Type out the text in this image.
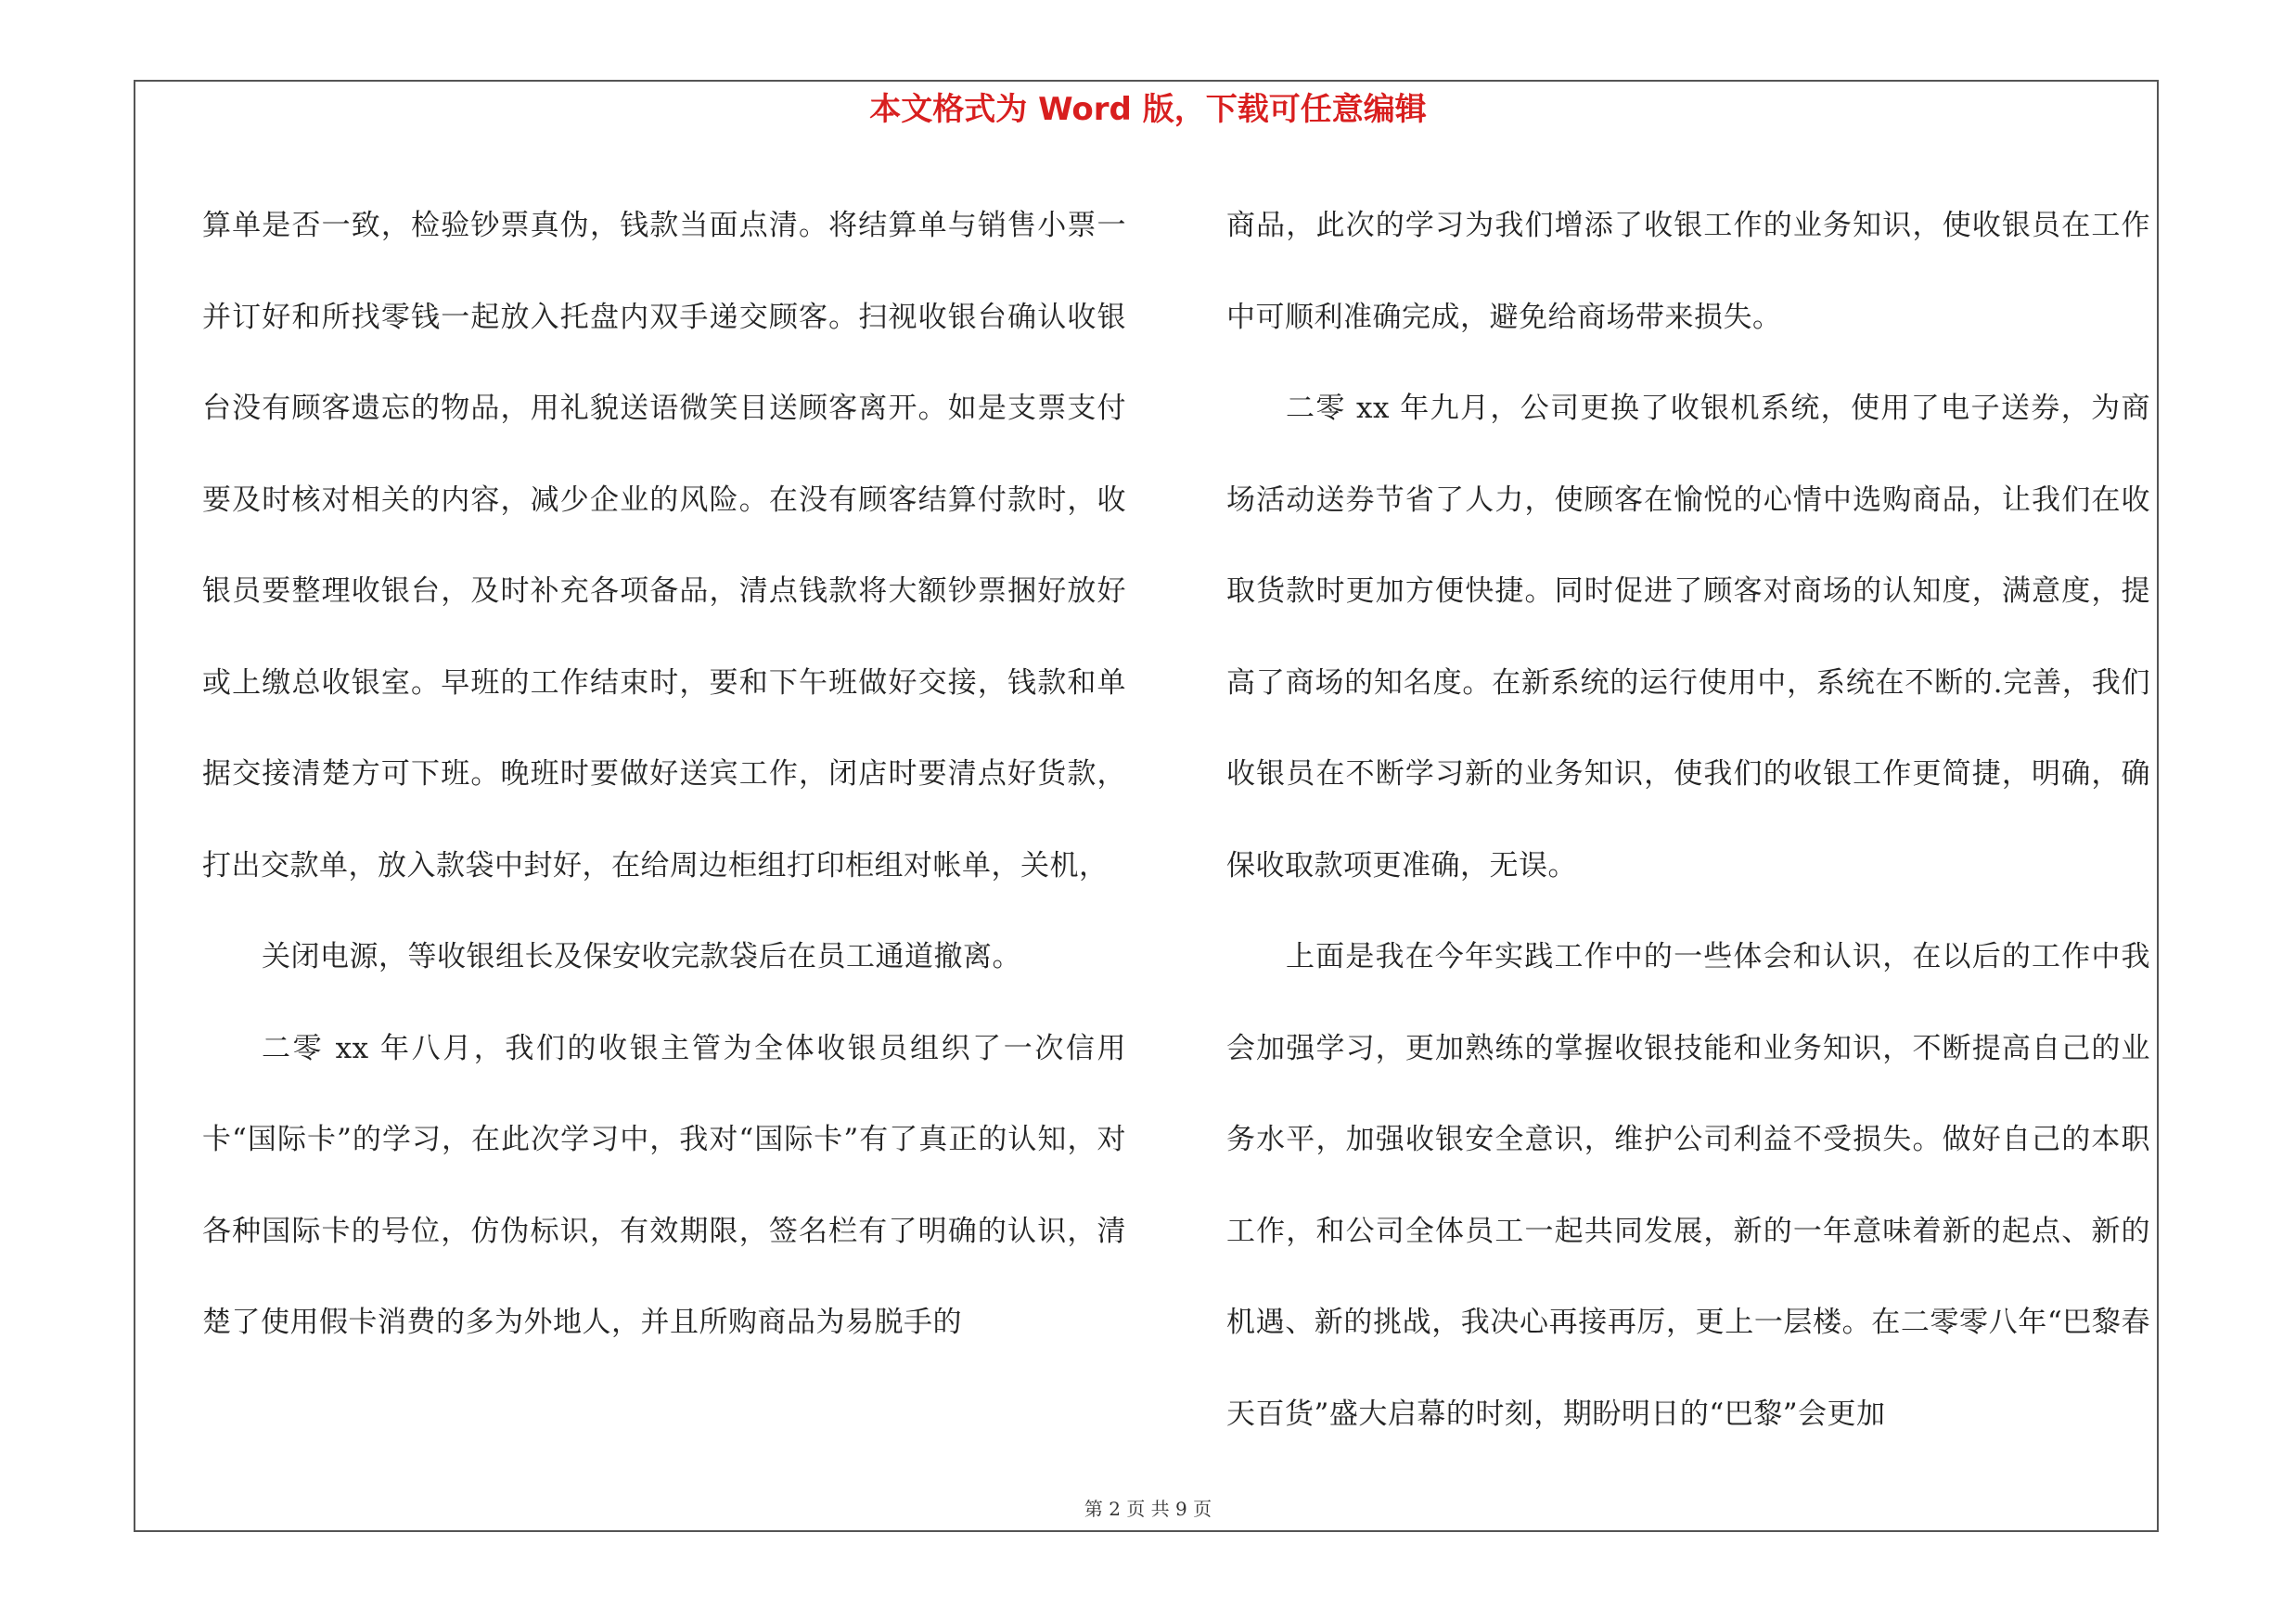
本文格式为 Word 版，下载可任意编辑

算单是否一致，检验钞票真伪，钱款当面点清。将结算单与销售小票一并订好和所找零钱一起放入托盘内双手递交顾客。扫视收银台确认收银台没有顾客遗忘的物品，用礼貌送语微笑目送顾客离开。如是支票支付要及时核对相关的内容，减少企业的风险。在没有顾客结算付款时，收银员要整理收银台，及时补充各项备品，清点钱款将大额钞票捆好放好或上缴总收银室。早班的工作结束时，要和下午班做好交接，钱款和单据交接清楚方可下班。晚班时要做好送宾工作，闭店时要清点好货款，打出交款单，放入款袋中封好，在给周边柜组打印柜组对帐单，关机，

关闭电源，等收银组长及保安收完款袋后在员工通道撤离。

二零 xx 年八月，我们的收银主管为全体收银员组织了一次信用卡“国际卡”的学习，在此次学习中，我对“国际卡”有了真正的认知，对各种国际卡的号位，仿伪标识，有效期限，签名栏有了明确的认识，清楚了使用假卡消费的多为外地人，并且所购商品为易脱手的

商品，此次的学习为我们增添了收银工作的业务知识，使收银员在工作中可顺利准确完成，避免给商场带来损失。

二零 xx 年九月，公司更换了收银机系统，使用了电子送券，为商场活动送券节省了人力，使顾客在愉悦的心情中选购商品，让我们在收取货款时更加方便快捷。同时促进了顾客对商场的认知度，满意度，提高了商场的知名度。在新系统的运行使用中，系统在不断的.完善，我们收银员在不断学习新的业务知识，使我们的收银工作更简捷，明确，确保收取款项更准确，无误。

上面是我在今年实践工作中的一些体会和认识，在以后的工作中我会加强学习，更加熟练的掌握收银技能和业务知识，不断提高自己的业务水平，加强收银安全意识，维护公司利益不受损失。做好自己的本职工作，和公司全体员工一起共同发展，新的一年意味着新的起点、新的机遇、新的挑战，我决心再接再厉，更上一层楼。在二零零八年“巴黎春天百货”盛大启幕的时刻，期盼明日的“巴黎”会更加

第 2 页 共 9 页
